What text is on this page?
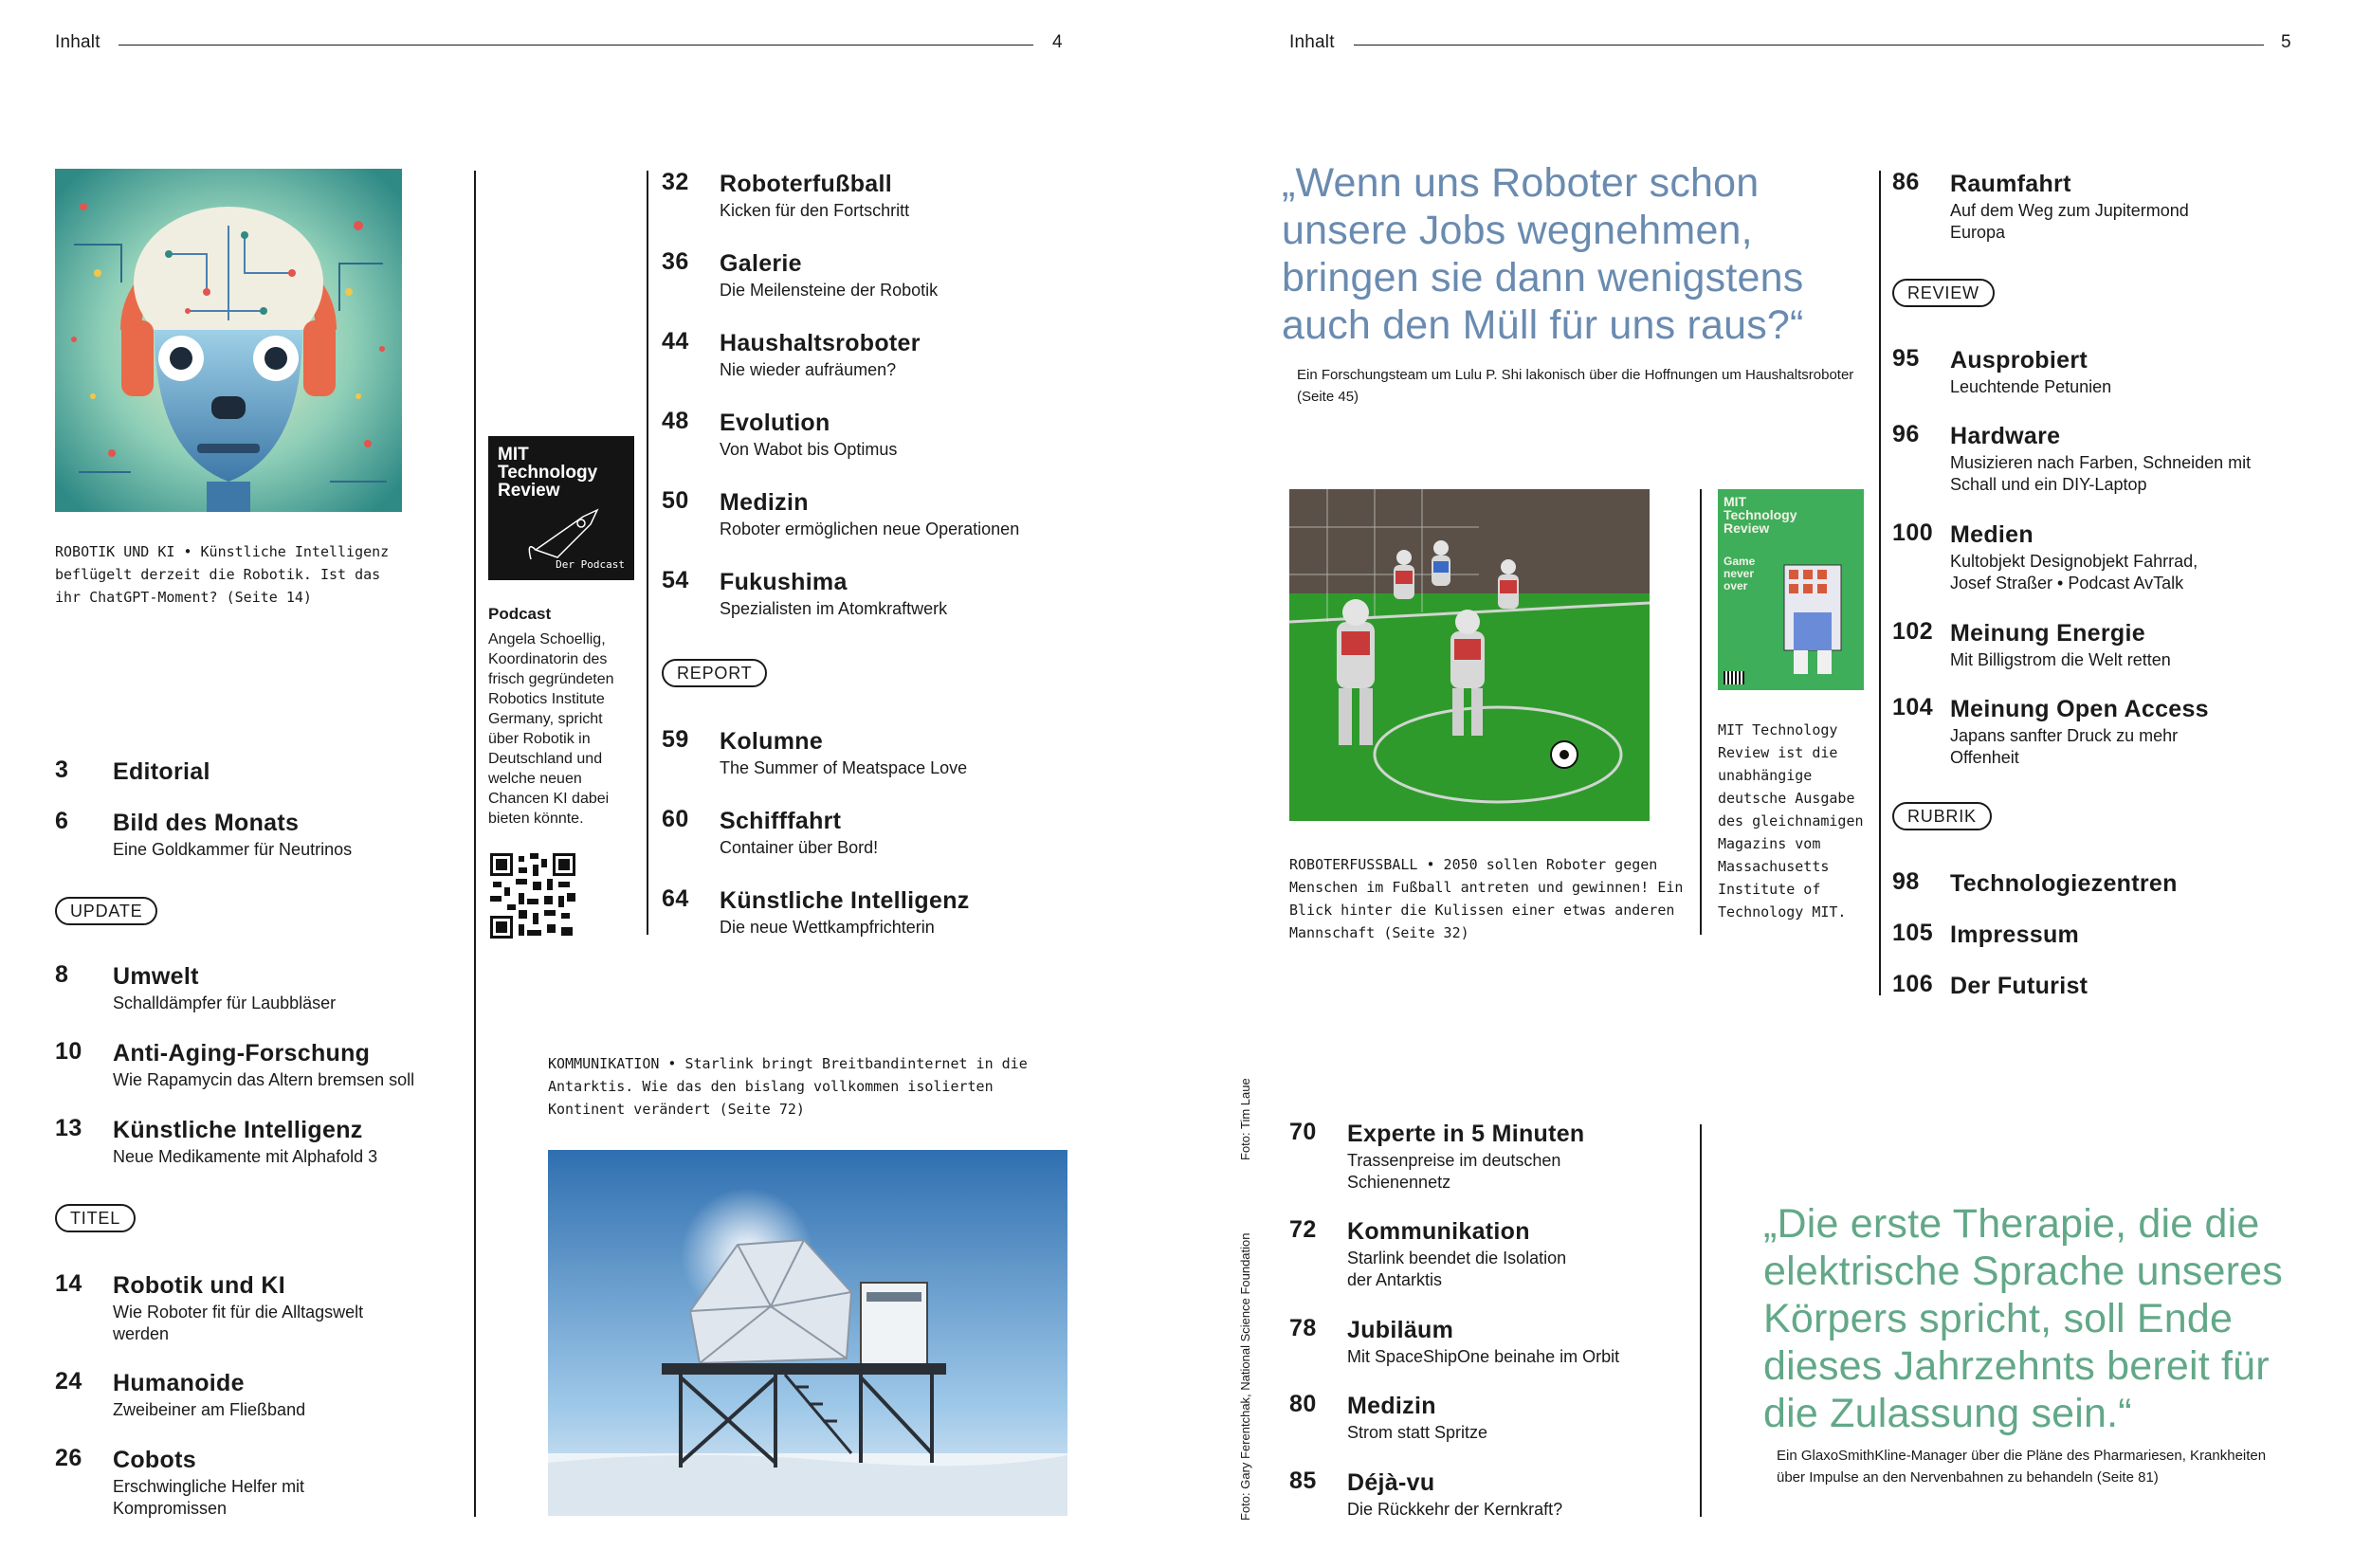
Inhalt	4	Inhalt	5
ROBOTIK UND KI • Künstliche Intelligenz beflügelt derzeit die Robotik. Ist das ihr ChatGPT-Moment? (Seite 14)
3 Editorial
6 Bild des Monats
Eine Goldkammer für Neutrinos
UPDATE
8 Umwelt
Schalldämpfer für Laubbläser
10 Anti-Aging-Forschung
Wie Rapamycin das Altern bremsen soll
13 Künstliche Intelligenz
Neue Medikamente mit Alphafold 3
TITEL
14 Robotik und KI
Wie Roboter fit für die Alltagswelt werden
24 Humanoide
Zweibeiner am Fließband
26 Cobots
Erschwingliche Helfer mit Kompromissen
MIT
Technology
Review
Der Podcast
Podcast
Angela Schoellig, Koordinatorin des frisch gegründeten Robotics Institute Germany, spricht über Robotik in Deutschland und welche neuen Chancen KI dabei bieten könnte.
32 Roboterfußball
Kicken für den Fortschritt
36 Galerie
Die Meilensteine der Robotik
44 Haushaltsroboter
Nie wieder aufräumen?
48 Evolution
Von Wabot bis Optimus
50 Medizin
Roboter ermöglichen neue Operationen
54 Fukushima
Spezialisten im Atomkraftwerk
REPORT
59 Kolumne
The Summer of Meatspace Love
60 Schifffahrt
Container über Bord!
64 Künstliche Intelligenz
Die neue Wettkampfrichterin
KOMMUNIKATION • Starlink bringt Breitbandinternet in die Antarktis. Wie das den bislang vollkommen isolierten Kontinent verändert (Seite 72)	Foto: Tim Laue
Foto: Gary Ferentchak, National Science Foundation
„Wenn uns Roboter schon unsere Jobs wegnehmen, bringen sie dann wenigstens auch den Müll für uns raus?“
Ein Forschungsteam um Lulu P. Shi lakonisch über die Hoffnungen um Haushaltsroboter (Seite 45)
ROBOTERFUSSBALL • 2050 sollen Roboter gegen Menschen im Fußball antreten und gewinnen! Ein Blick hinter die Kulissen einer etwas anderen Mannschaft (Seite 32)
MIT
Technology
Review
Game never over
MIT Technology Review ist die unabhängige deutsche Ausgabe des gleichnamigen Magazins vom Massachusetts Institute of Technology MIT.
86 Raumfahrt
Auf dem Weg zum Jupitermond Europa
REVIEW
95 Ausprobiert
Leuchtende Petunien
96 Hardware
Musizieren nach Farben, Schneiden mit Schall und ein DIY-Laptop
100 Medien
Kultobjekt Designobjekt Fahrrad, Josef Straßer • Podcast AvTalk
102 Meinung Energie
Mit Billigstrom die Welt retten
104 Meinung Open Access
Japans sanfter Druck zu mehr Offenheit
RUBRIK
98 Technologiezentren
105 Impressum
106 Der Futurist
70 Experte in 5 Minuten
Trassenpreise im deutschen Schienennetz
72 Kommunikation
Starlink beendet die Isolation der Antarktis
78 Jubiläum
Mit SpaceShipOne beinahe im Orbit
80 Medizin
Strom statt Spritze
85 Déjà-vu
Die Rückkehr der Kernkraft?
„Die erste Therapie, die die elektrische Sprache unseres Körpers spricht, soll Ende dieses Jahrzehnts bereit für die Zulassung sein.“
Ein GlaxoSmithKline-Manager über die Pläne des Pharmariesen, Krankheiten über Impulse an den Nervenbahnen zu behandeln (Seite 81)
